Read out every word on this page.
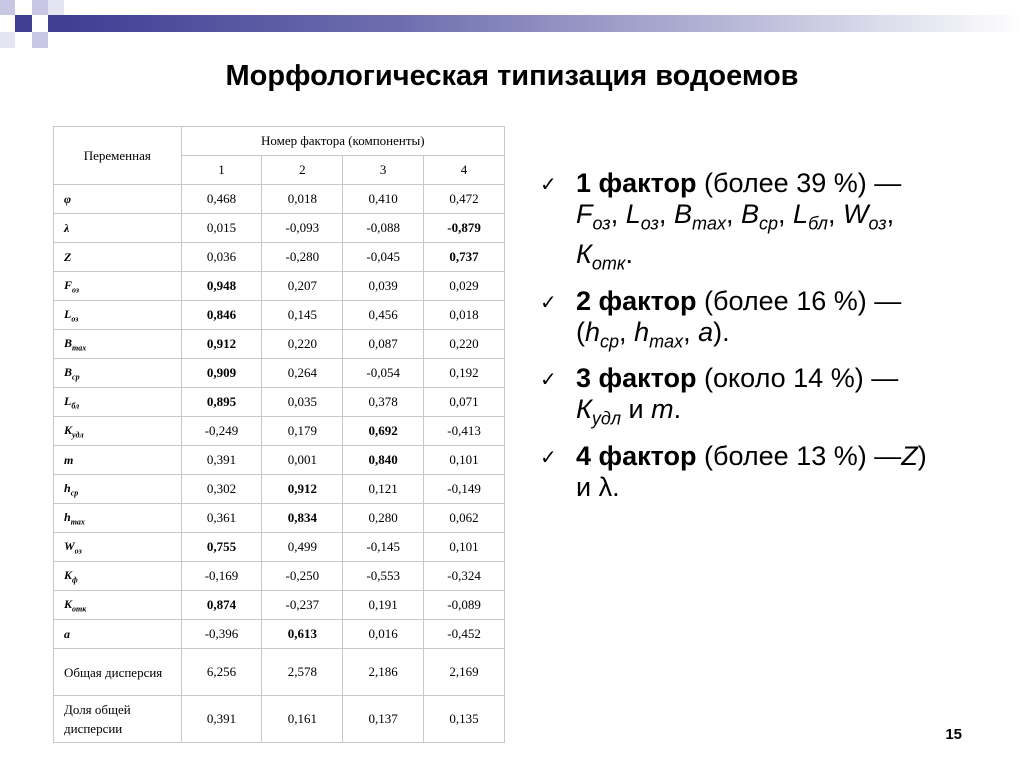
Морфологическая типизация водоемов
Переменная	Номер фактора (компоненты)			
	1	2	3	4
φ	0,468	0,018	0,410	0,472
λ	0,015	-0,093	-0,088	-0,879
Z	0,036	-0,280	-0,045	0,737
$F_{оз}$	0,948	0,207	0,039	0,029
$L_{оз}$	0,846	0,145	0,456	0,018
$B_{max}$	0,912	0,220	0,087	0,220
$B_{ср}$	0,909	0,264	-0,054	0,192
$L_{бл}$	0,895	0,035	0,378	0,071
$K_{удл}$	-0,249	0,179	0,692	-0,413
m	0,391	0,001	0,840	0,101
$h_{ср}$	0,302	0,912	0,121	-0,149
$h_{max}$	0,361	0,834	0,280	0,062
$W_{оз}$	0,755	0,499	-0,145	0,101
$K_ф$	-0,169	-0,250	-0,553	-0,324
$K_{отк}$	0,874	-0,237	0,191	-0,089
a	-0,396	0,613	0,016	-0,452
Общая дисперсия	6,256	2,578	2,186	2,169
Доля общей дисперсии	0,391	0,161	0,137	0,135
✓ 1 фактор (более 39 %) — $F_{оз}$, $L_{оз}$, $B_{max}$, $B_{ср}$, $L_{бл}$, $W_{оз}$, $К_{отк}$.
✓ 2 фактор (более 16 %) $—(h_{ср}$, $h_{max}$, a).
✓ 3 фактор (около 14 %) — $К_{удл}$ и m.
✓ 4 фактор (более 13 %) —Z) и λ.
15
